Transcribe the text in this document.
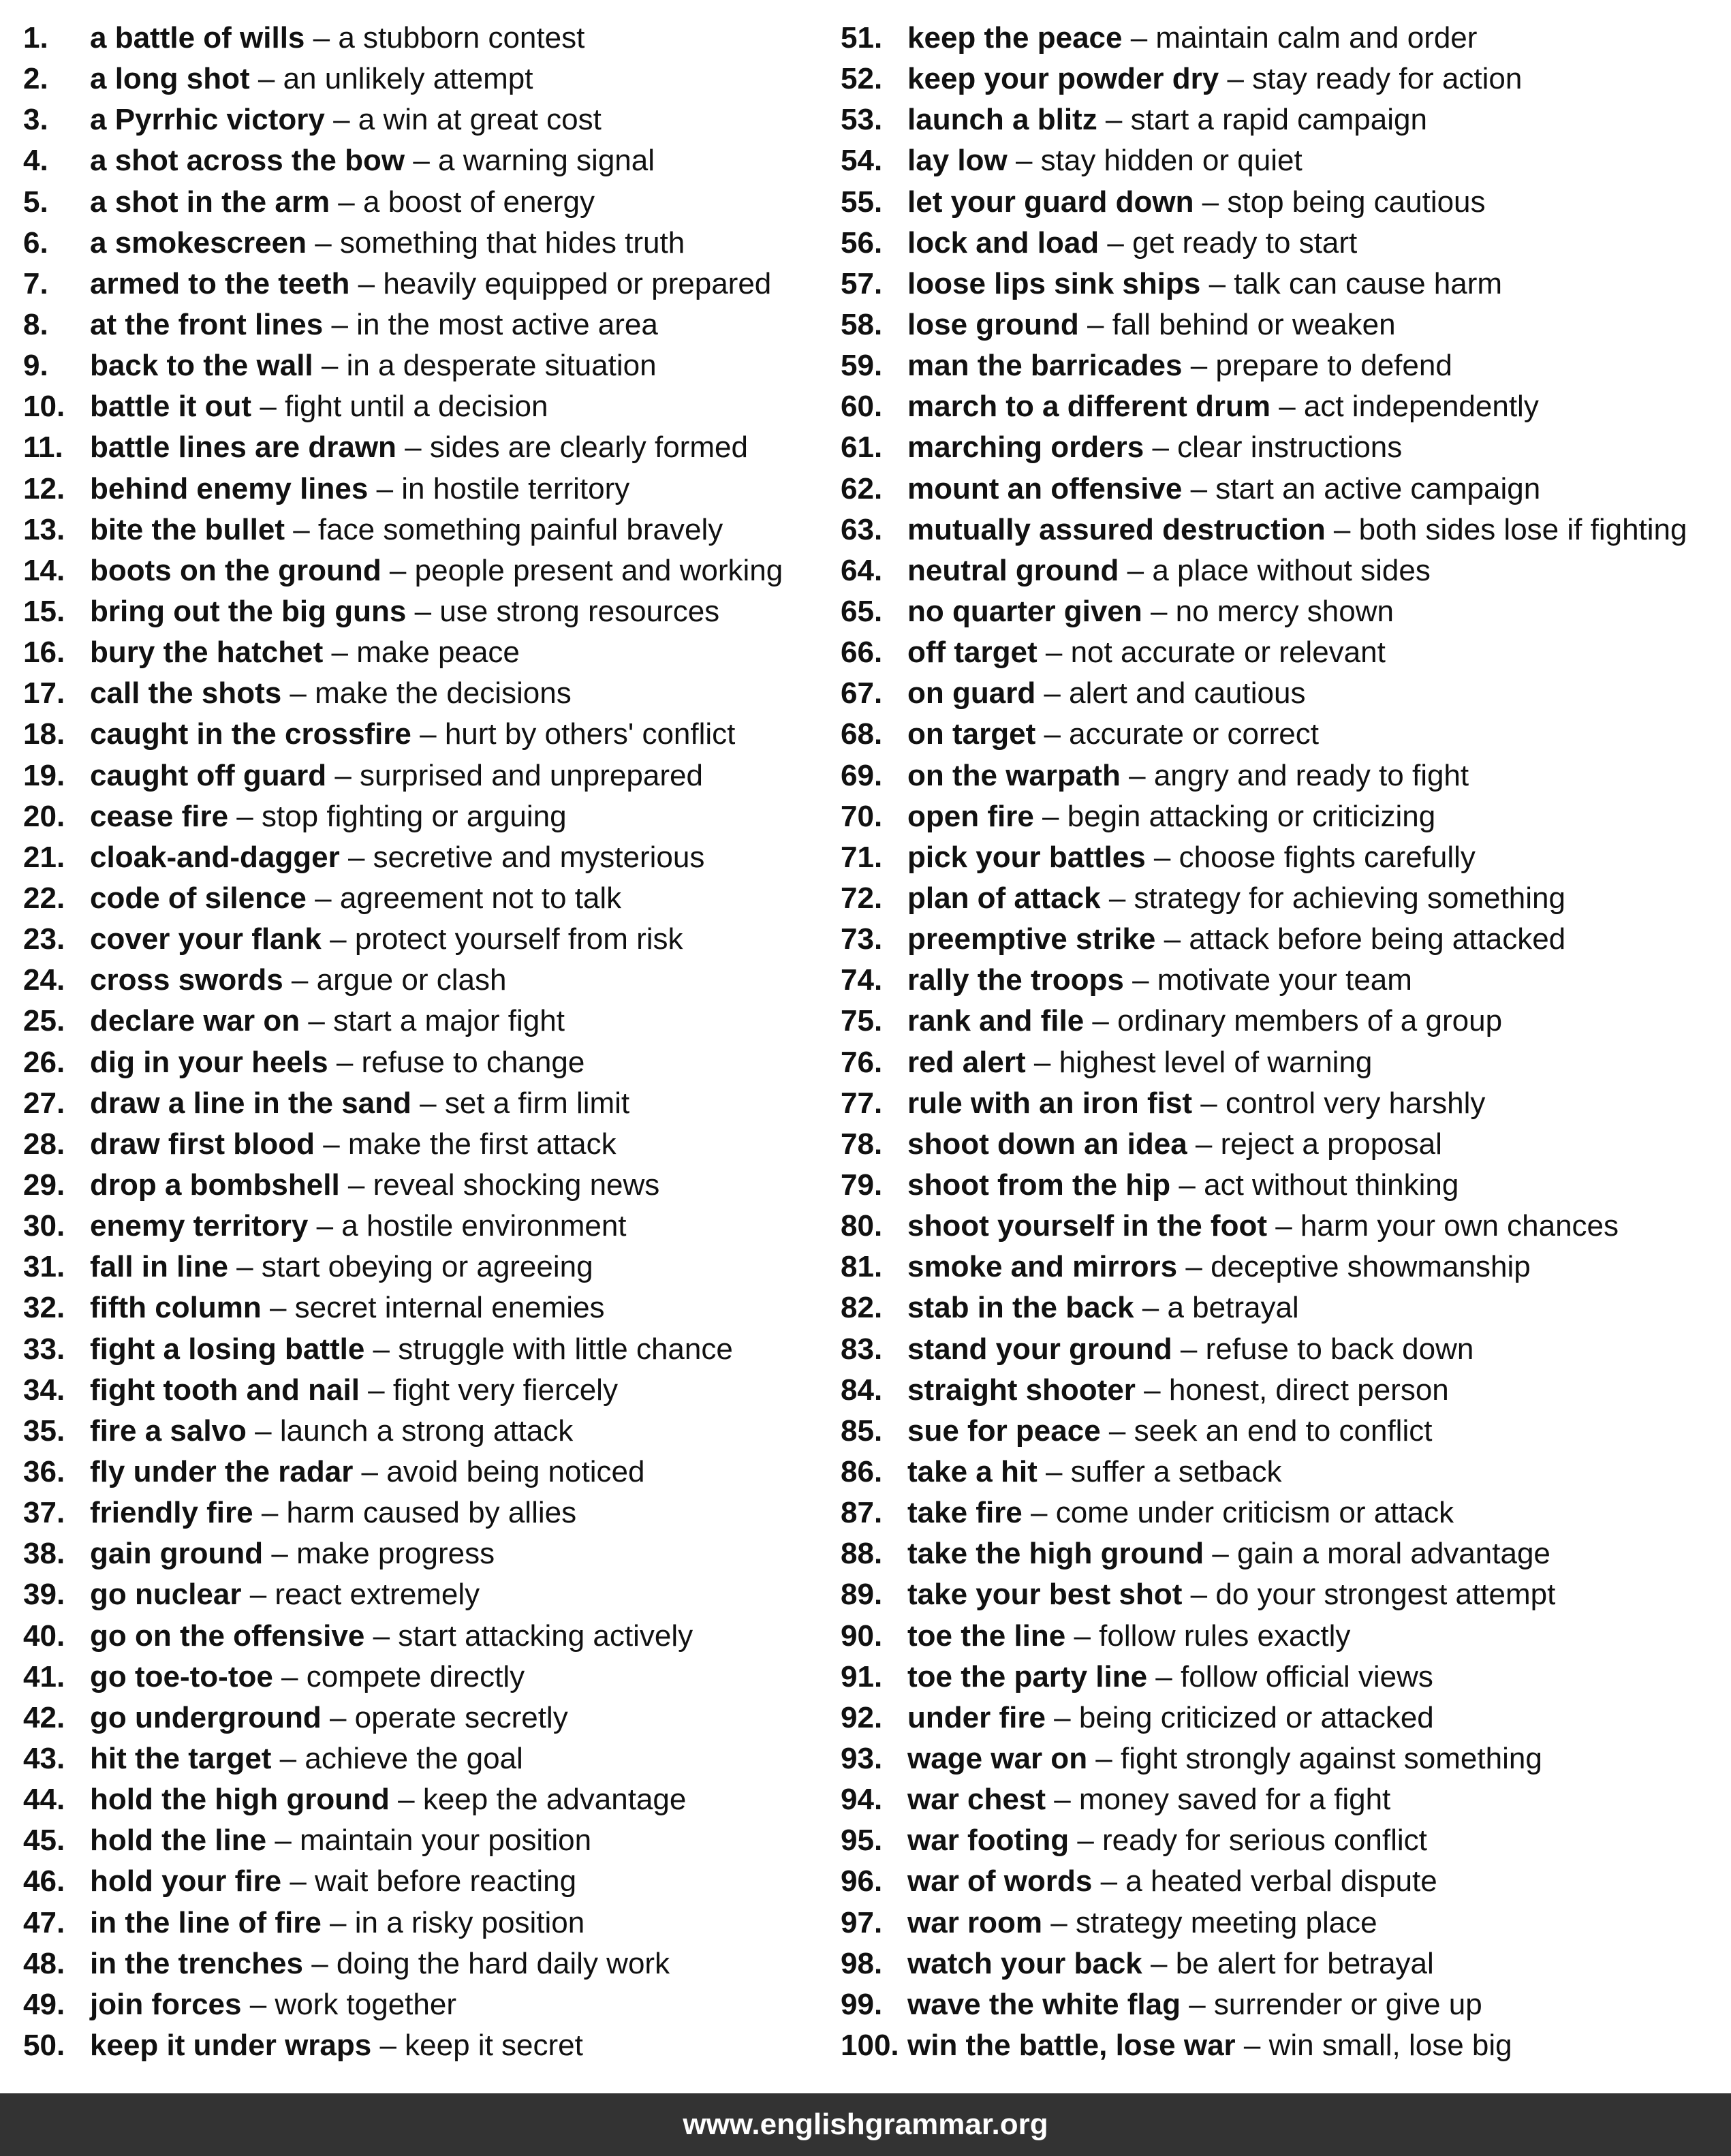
1.	a battle of wills – a stubborn contest
2.	a long shot – an unlikely attempt
3.	a Pyrrhic victory – a win at great cost
4.	a shot across the bow – a warning signal
5.	a shot in the arm – a boost of energy
6.	a smokescreen – something that hides truth
7.	armed to the teeth – heavily equipped or prepared
8.	at the front lines – in the most active area
9.	back to the wall – in a desperate situation
10. battle it out – fight until a decision
11. battle lines are drawn – sides are clearly formed
12. behind enemy lines – in hostile territory
13. bite the bullet – face something painful bravely
14. boots on the ground – people present and working
15. bring out the big guns – use strong resources
16. bury the hatchet – make peace
17. call the shots – make the decisions
18. caught in the crossfire – hurt by others' conflict
19. caught off guard – surprised and unprepared
20. cease fire – stop fighting or arguing
21. cloak-and-dagger – secretive and mysterious
22. code of silence – agreement not to talk
23. cover your flank – protect yourself from risk
24. cross swords – argue or clash
25. declare war on – start a major fight
26. dig in your heels – refuse to change
27. draw a line in the sand – set a firm limit
28. draw first blood – make the first attack
29. drop a bombshell – reveal shocking news
30. enemy territory – a hostile environment
31. fall in line – start obeying or agreeing
32. fifth column – secret internal enemies
33. fight a losing battle – struggle with little chance
34. fight tooth and nail – fight very fiercely
35. fire a salvo – launch a strong attack
36. fly under the radar – avoid being noticed
37. friendly fire – harm caused by allies
38. gain ground – make progress
39. go nuclear – react extremely
40. go on the offensive – start attacking actively
41. go toe-to-toe – compete directly
42. go underground – operate secretly
43. hit the target – achieve the goal
44. hold the high ground – keep the advantage
45. hold the line – maintain your position
46. hold your fire – wait before reacting
47. in the line of fire – in a risky position
48. in the trenches – doing the hard daily work
49. join forces – work together
50. keep it under wraps – keep it secret
51. keep the peace – maintain calm and order
52. keep your powder dry – stay ready for action
53. launch a blitz – start a rapid campaign
54. lay low – stay hidden or quiet
55. let your guard down – stop being cautious
56. lock and load – get ready to start
57. loose lips sink ships – talk can cause harm
58. lose ground – fall behind or weaken
59. man the barricades – prepare to defend
60. march to a different drum – act independently
61. marching orders – clear instructions
62. mount an offensive – start an active campaign
63. mutually assured destruction – both sides lose if fighting
64. neutral ground – a place without sides
65. no quarter given – no mercy shown
66. off target – not accurate or relevant
67. on guard – alert and cautious
68. on target – accurate or correct
69. on the warpath – angry and ready to fight
70. open fire – begin attacking or criticizing
71. pick your battles – choose fights carefully
72. plan of attack – strategy for achieving something
73. preemptive strike – attack before being attacked
74. rally the troops – motivate your team
75. rank and file – ordinary members of a group
76. red alert – highest level of warning
77. rule with an iron fist – control very harshly
78. shoot down an idea – reject a proposal
79. shoot from the hip – act without thinking
80. shoot yourself in the foot – harm your own chances
81. smoke and mirrors – deceptive showmanship
82. stab in the back – a betrayal
83. stand your ground – refuse to back down
84. straight shooter – honest, direct person
85. sue for peace – seek an end to conflict
86. take a hit – suffer a setback
87. take fire – come under criticism or attack
88. take the high ground – gain a moral advantage
89. take your best shot – do your strongest attempt
90. toe the line – follow rules exactly
91. toe the party line – follow official views
92. under fire – being criticized or attacked
93. wage war on – fight strongly against something
94. war chest – money saved for a fight
95. war footing – ready for serious conflict
96. war of words – a heated verbal dispute
97. war room – strategy meeting place
98. watch your back – be alert for betrayal
99. wave the white flag – surrender or give up
100. win the battle, lose war – win small, lose big
www.englishgrammar.org
